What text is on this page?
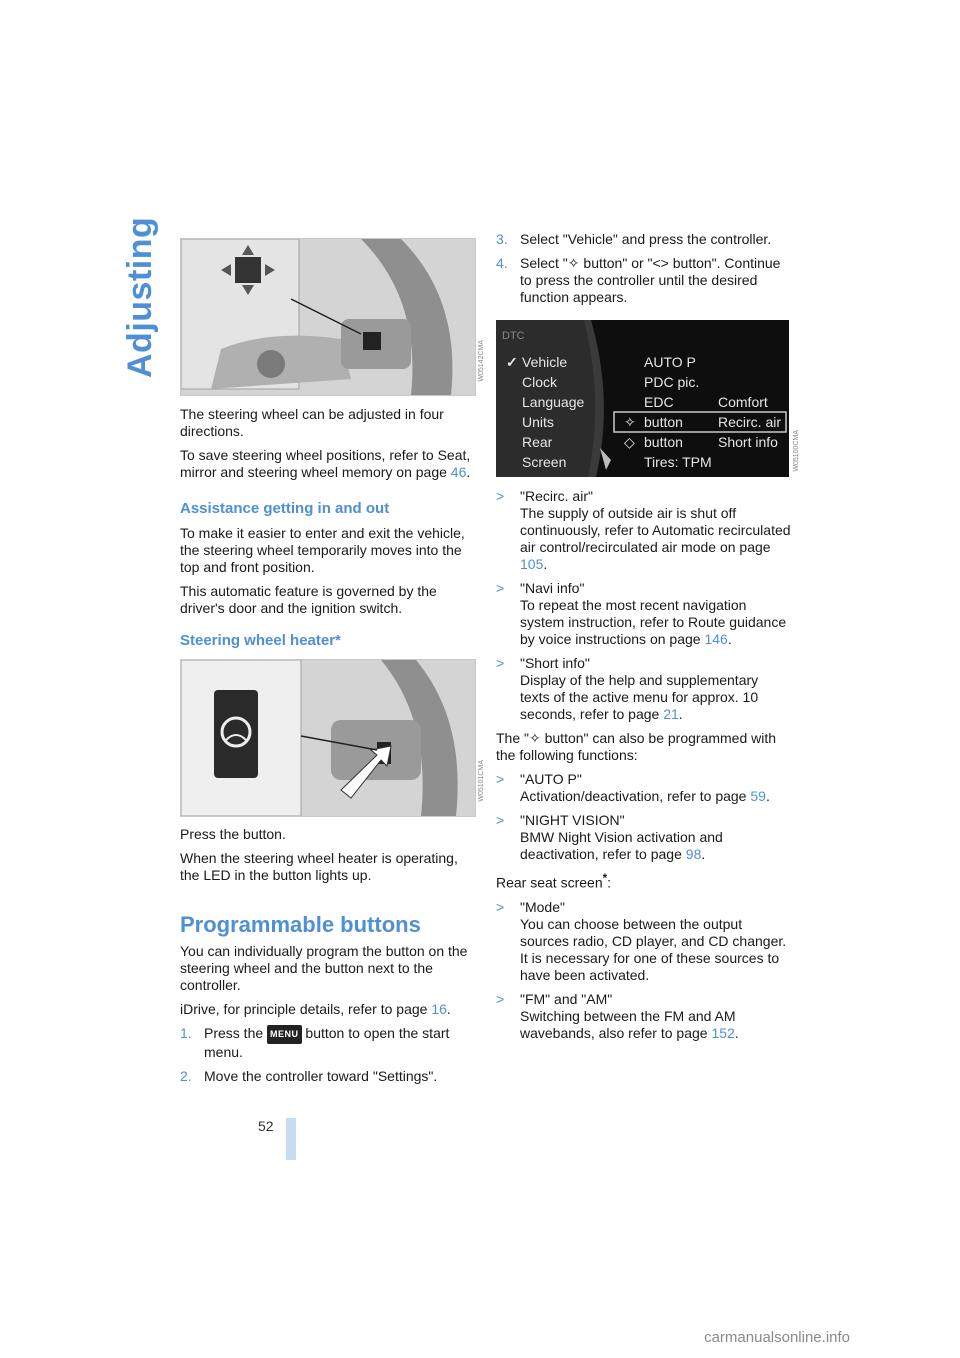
Adjusting
52
W05142CMA

The steering wheel can be adjusted in four directions.

To save steering wheel positions, refer to Seat, mirror and steering wheel memory on page 46.

Assistance getting in and out

To make it easier to enter and exit the vehicle, the steering wheel temporarily moves into the top and front position.

This automatic feature is governed by the driver's door and the ignition switch.

Steering wheel heater*
W05101CMA

Press the button.

When the steering wheel heater is operating, the LED in the button lights up.

Programmable buttons

You can individually program the button on the steering wheel and the button next to the controller.

iDrive, for principle details, refer to page 16.

1. Press the MENU button to open the start menu.
2. Move the controller toward "Settings".
3. Select "Vehicle" and press the controller.
4. Select "✧ button" or "<> button". Continue to press the controller until the desired function appears.
DTC
✓ Vehicle
Clock
Language
Units
Rear
Screen
AUTO P
PDC pic.
EDC
✧ button
◇ button
Tires: TPM
Comfort
Recirc. air
Short info W05100CMA
>	"Recirc. air"
The supply of outside air is shut off continuously, refer to Automatic recirculated air control/recirculated air mode on page 105.
>	"Navi info"
To repeat the most recent navigation system instruction, refer to Route guidance by voice instructions on page 146.
>	"Short info"
Display of the help and supplementary texts of the active menu for approx. 10 seconds, refer to page 21.

The "✧ button" can also be programmed with the following functions:

>	"AUTO P"
Activation/deactivation, refer to page 59.
>	"NIGHT VISION"
BMW Night Vision activation and deactivation, refer to page 98.

Rear seat screen*:

>	"Mode"
You can choose between the output sources radio, CD player, and CD changer. It is necessary for one of these sources to have been activated.
>	"FM" and "AM"
Switching between the FM and AM wavebands, also refer to page 152.
carmanualsonline.info
